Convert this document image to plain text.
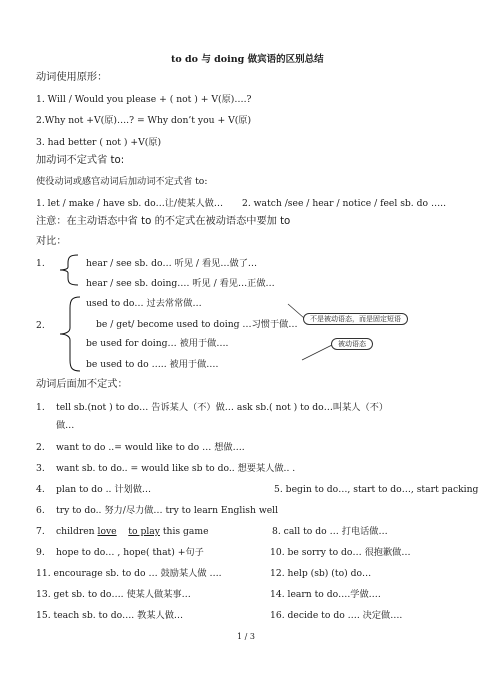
to do 与 doing 做宾语的区别总结
动词使用原形：
1. Will / Would you please + ( not ) + V(原)….?
2.Why not +V(原)….? = Why don’t you + V(原)
3. had better ( not ) +V(原)
加动词不定式省 to:
使役动词或感官动词后加动词不定式省 to:
1. let / make / have sb. do…让/使某人做… 2. watch /see / hear / notice / feel sb. do …..
注意：在主动语态中省 to 的不定式在被动语态中要加 to
对比：
1.	hear / see sb. do… 听见 / 看见…做了…
hear / see sb. doing…. 听见 / 看见…正做…
2.
used to do… 过去常常做…
be / get/ become used to doing …习惯于做…
be used for doing… 被用于做….
be used to do ….. 被用于做….
不是被动语态，而是固定短语
被动语态
动词后面加不定式：
1. tell sb.(not ) to do… 告诉某人（不）做… ask sb.( not ) to do…叫某人（不）
做…
2. want to do ..= would like to do … 想做….
3. want sb. to do.. = would like sb to do.. 想要某人做.. .
4. plan to do .. 计划做…	5. begin to do…, start to do…, start packing
6. try to do.. 努力/尽力做… try to learn English well
7. children love to play this game	8. call to do … 打电话做…
9. hope to do… , hope( that) +句子	10. be sorry to do… 很抱歉做…
11. encourage sb. to do … 鼓励某人做 ….	12. help (sb) (to) do…
13. get sb. to do…. 使某人做某事…	14. learn to do….学做….
15. teach sb. to do…. 教某人做…	16. decide to do …. 决定做….
1 / 3
